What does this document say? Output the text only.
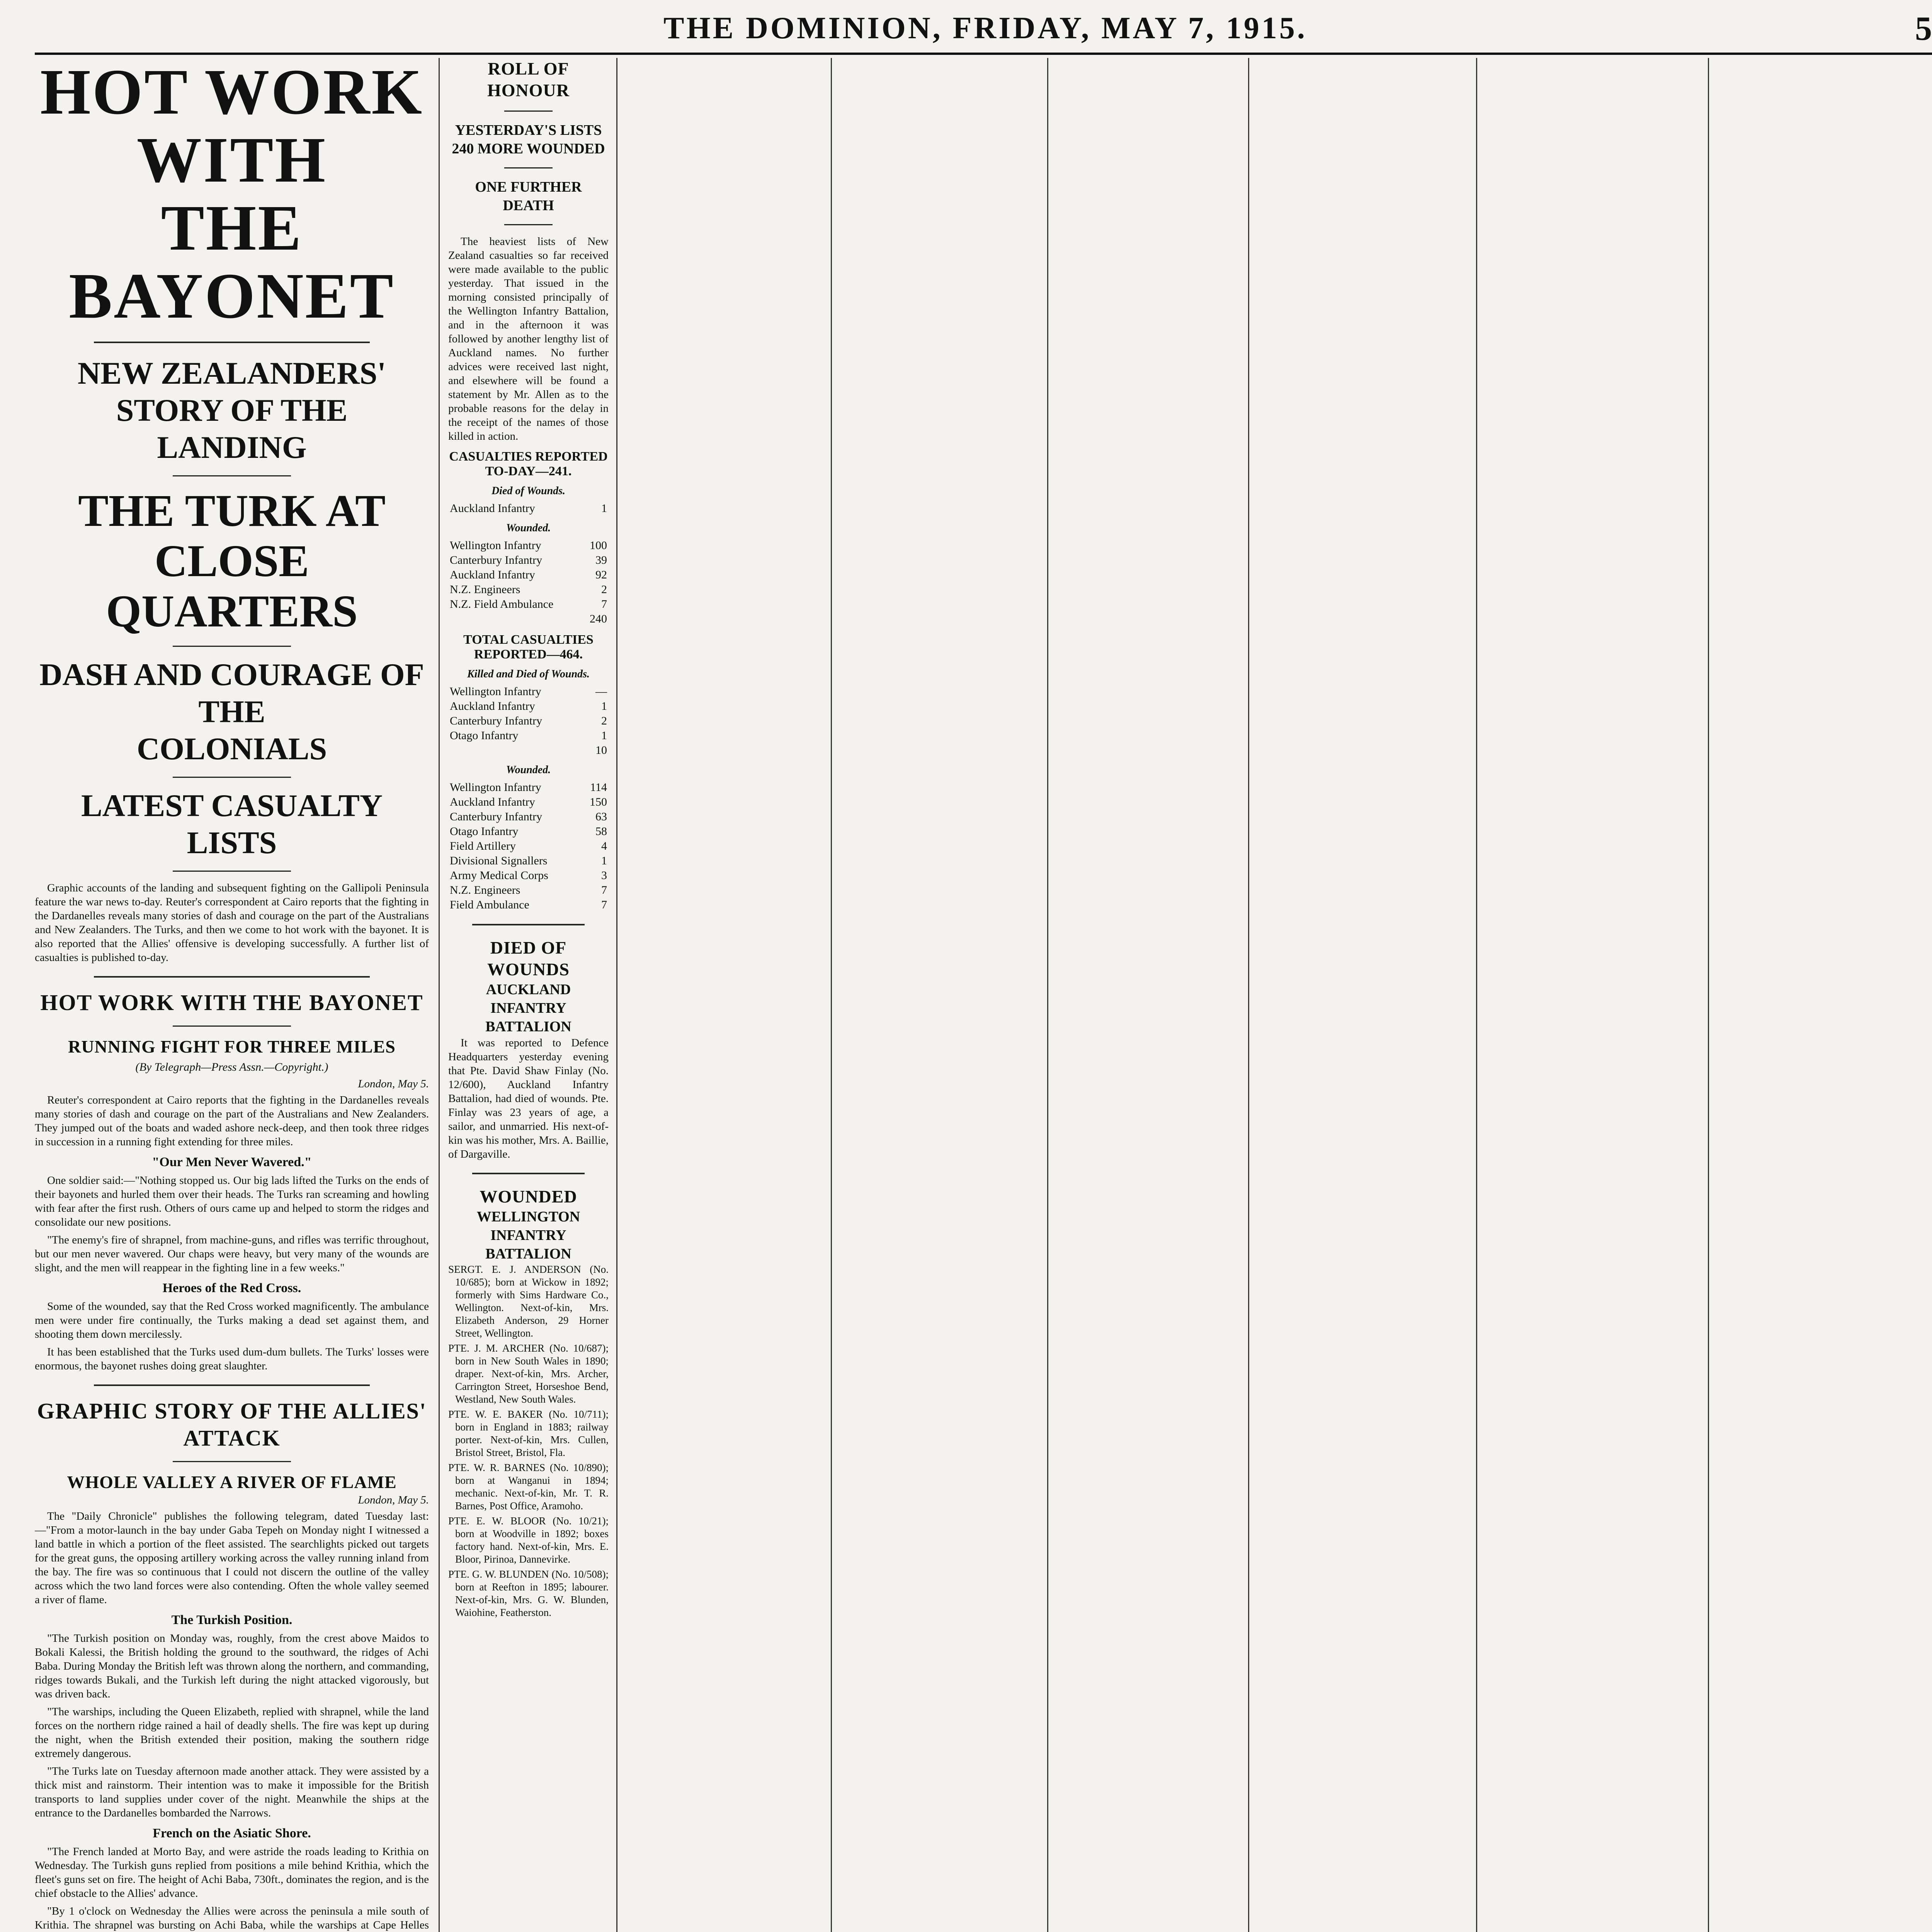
THE DOMINION, FRIDAY, MAY 7, 1915.	5
HOT WORK WITH
THE BAYONET
NEW ZEALANDERS' STORY OF THE
LANDING
THE TURK AT CLOSE
QUARTERS
DASH AND COURAGE OF THE
COLONIALS
LATEST CASUALTY LISTS

Graphic accounts of the landing and subsequent fighting on the Gallipoli Peninsula feature the war news to-day. Reuter's correspondent at Cairo reports that the fighting in the Dardanelles reveals many stories of dash and courage on the part of the Australians and New Zealanders. The Turks, and then we come to hot work with the bayonet. It is also reported that the Allies' offensive is developing successfully. A further list of casualties is published to-day.

HOT WORK WITH THE BAYONET
RUNNING FIGHT FOR THREE MILES

(By Telegraph—Press Assn.—Copyright.)

London, May 5.

Reuter's correspondent at Cairo reports that the fighting in the Dardanelles reveals many stories of dash and courage on the part of the Australians and New Zealanders. They jumped out of the boats and waded ashore neck-deep, and then took three ridges in succession in a running fight extending for three miles.

"Our Men Never Wavered."

One soldier said:—"Nothing stopped us. Our big lads lifted the Turks on the ends of their bayonets and hurled them over their heads. The Turks ran screaming and howling with fear after the first rush. Others of ours came up and helped to storm the ridges and consolidate our new positions.

"The enemy's fire of shrapnel, from machine-guns, and rifles was terrific throughout, but our men never wavered. Our chaps were heavy, but very many of the wounds are slight, and the men will reappear in the fighting line in a few weeks."

Heroes of the Red Cross.

Some of the wounded, say that the Red Cross worked magnificently. The ambulance men were under fire continually, the Turks making a dead set against them, and shooting them down mercilessly.

It has been established that the Turks used dum-dum bullets. The Turks' losses were enormous, the bayonet rushes doing great slaughter.

GRAPHIC STORY OF THE ALLIES' ATTACK
WHOLE VALLEY A RIVER OF FLAME

London, May 5.

The "Daily Chronicle" publishes the following telegram, dated Tuesday last:—"From a motor-launch in the bay under Gaba Tepeh on Monday night I witnessed a land battle in which a portion of the fleet assisted. The searchlights picked out targets for the great guns, the opposing artillery working across the valley running inland from the bay. The fire was so continuous that I could not discern the outline of the valley across which the two land forces were also contending. Often the whole valley seemed a river of flame.

The Turkish Position.

"The Turkish position on Monday was, roughly, from the crest above Maidos to Bokali Kalessi, the British holding the ground to the southward, the ridges of Achi Baba. During Monday the British left was thrown along the northern, and commanding, ridges towards Bukali, and the Turkish left during the night attacked vigorously, but was driven back.

"The warships, including the Queen Elizabeth, replied with shrapnel, while the land forces on the northern ridge rained a hail of deadly shells. The fire was kept up during the night, when the British extended their position, making the southern ridge extremely dangerous.

"The Turks late on Tuesday afternoon made another attack. They were assisted by a thick mist and rainstorm. Their intention was to make it impossible for the British transports to land supplies under cover of the night. Meanwhile the ships at the entrance to the Dardanelles bombarded the Narrows.

French on the Asiatic Shore.

"The French landed at Morto Bay, and were astride the roads leading to Krithia on Wednesday. The Turkish guns replied from positions a mile behind Krithia, which the fleet's guns set on fire. The height of Achi Baba, 730ft., dominates the region, and is the chief obstacle to the Allies' advance.

"By 1 o'clock on Wednesday the Allies were across the peninsula a mile south of Krithia. The shrapnel was bursting on Achi Baba, while the warships at Cape Helles

ROLL OF HONOUR
YESTERDAY'S LISTS
240 MORE WOUNDED
ONE FURTHER DEATH

The heaviest lists of New Zealand casualties so far received were made available to the public yesterday. That issued in the morning consisted principally of the Wellington Infantry Battalion, and in the afternoon it was followed by another lengthy list of Auckland names. No further advices were received last night, and elsewhere will be found a statement by Mr. Allen as to the probable reasons for the delay in the receipt of the names of those killed in action.

CASUALTIES REPORTED TO-DAY—241.
Died of Wounds.
Auckland Infantry	1
Wounded.
Wellington Infantry	100
Canterbury Infantry	39
Auckland Infantry	92
N.Z. Engineers	2
N.Z. Field Ambulance	7
	240
TOTAL CASUALTIES REPORTED—464.
Killed and Died of Wounds.
Wellington Infantry	—
Auckland Infantry	1
Canterbury Infantry	2
Otago Infantry	1
	10
Wounded.
Wellington Infantry	114
Auckland Infantry	150
Canterbury Infantry	63
Otago Infantry	58
Field Artillery	4
Divisional Signallers	1
Army Medical Corps	3
N.Z. Engineers	7
Field Ambulance	7
DIED OF WOUNDS
AUCKLAND INFANTRY BATTALION

It was reported to Defence Headquarters yesterday evening that Pte. David Shaw Finlay (No. 12/600), Auckland Infantry Battalion, had died of wounds. Pte. Finlay was 23 years of age, a sailor, and unmarried. His next-of-kin was his mother, Mrs. A. Baillie, of Dargaville.

WOUNDED
WELLINGTON INFANTRY BATTALION

SERGT. E. J. ANDERSON (No. 10/685); born at Wickow in 1892; formerly with Sims Hardware Co., Wellington. Next-of-kin, Mrs. Elizabeth Anderson, 29 Horner Street, Wellington.

PTE. J. M. ARCHER (No. 10/687); born in New South Wales in 1890; draper. Next-of-kin, Mrs. Archer, Carrington Street, Horseshoe Bend, Westland, New South Wales.

PTE. W. E. BAKER (No. 10/711); born in England in 1883; railway porter. Next-of-kin, Mrs. Cullen, Bristol Street, Bristol, Fla.

PTE. W. R. BARNES (No. 10/890); born at Wanganui in 1894; mechanic. Next-of-kin, Mr. T. R. Barnes, Post Office, Aramoho.

PTE. E. W. BLOOR (No. 10/21); born at Woodville in 1892; boxes factory hand. Next-of-kin, Mrs. E. Bloor, Pirinoa, Dannevirke.

PTE. G. W. BLUNDEN (No. 10/508); born at Reefton in 1895; labourer. Next-of-kin, Mrs. G. W. Blunden, Waiohine, Featherston.
